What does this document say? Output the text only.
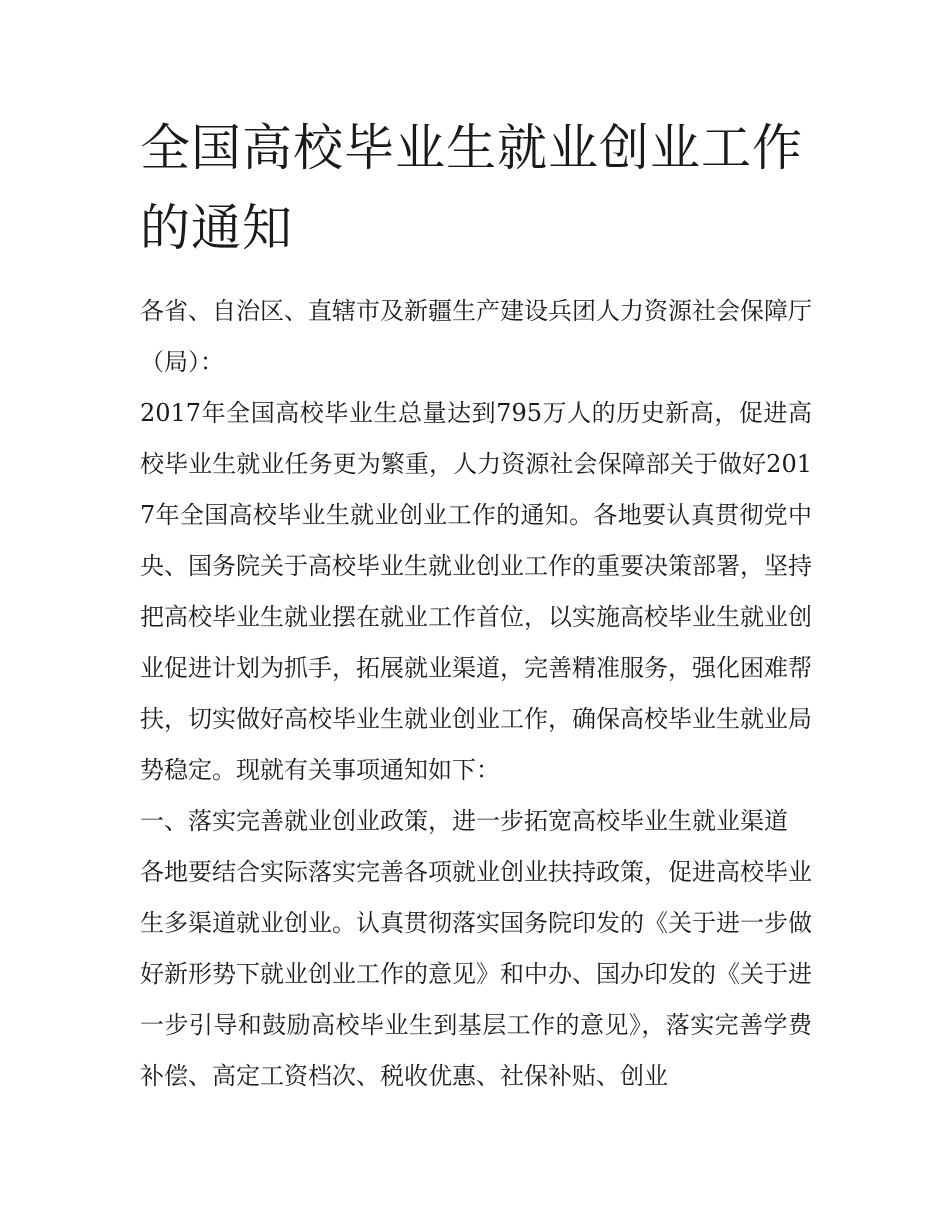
全国高校毕业生就业创业工作
的通知

各省、自治区、直辖市及新疆生产建设兵团人力资源社会保障厅（局）：

2017年全国高校毕业生总量达到795万人的历史新高，促进高校毕业生就业任务更为繁重，人力资源社会保障部关于做好2017年全国高校毕业生就业创业工作的通知。各地要认真贯彻党中央、国务院关于高校毕业生就业创业工作的重要决策部署，坚持把高校毕业生就业摆在就业工作首位，以实施高校毕业生就业创业促进计划为抓手，拓展就业渠道，完善精准服务，强化困难帮扶，切实做好高校毕业生就业创业工作，确保高校毕业生就业局势稳定。现就有关事项通知如下：

一、落实完善就业创业政策，进一步拓宽高校毕业生就业渠道

各地要结合实际落实完善各项就业创业扶持政策，促进高校毕业生多渠道就业创业。认真贯彻落实国务院印发的《关于进一步做好新形势下就业创业工作的意见》和中办、国办印发的《关于进一步引导和鼓励高校毕业生到基层工作的意见》，落实完善学费补偿、高定工资档次、税收优惠、社保补贴、创业
